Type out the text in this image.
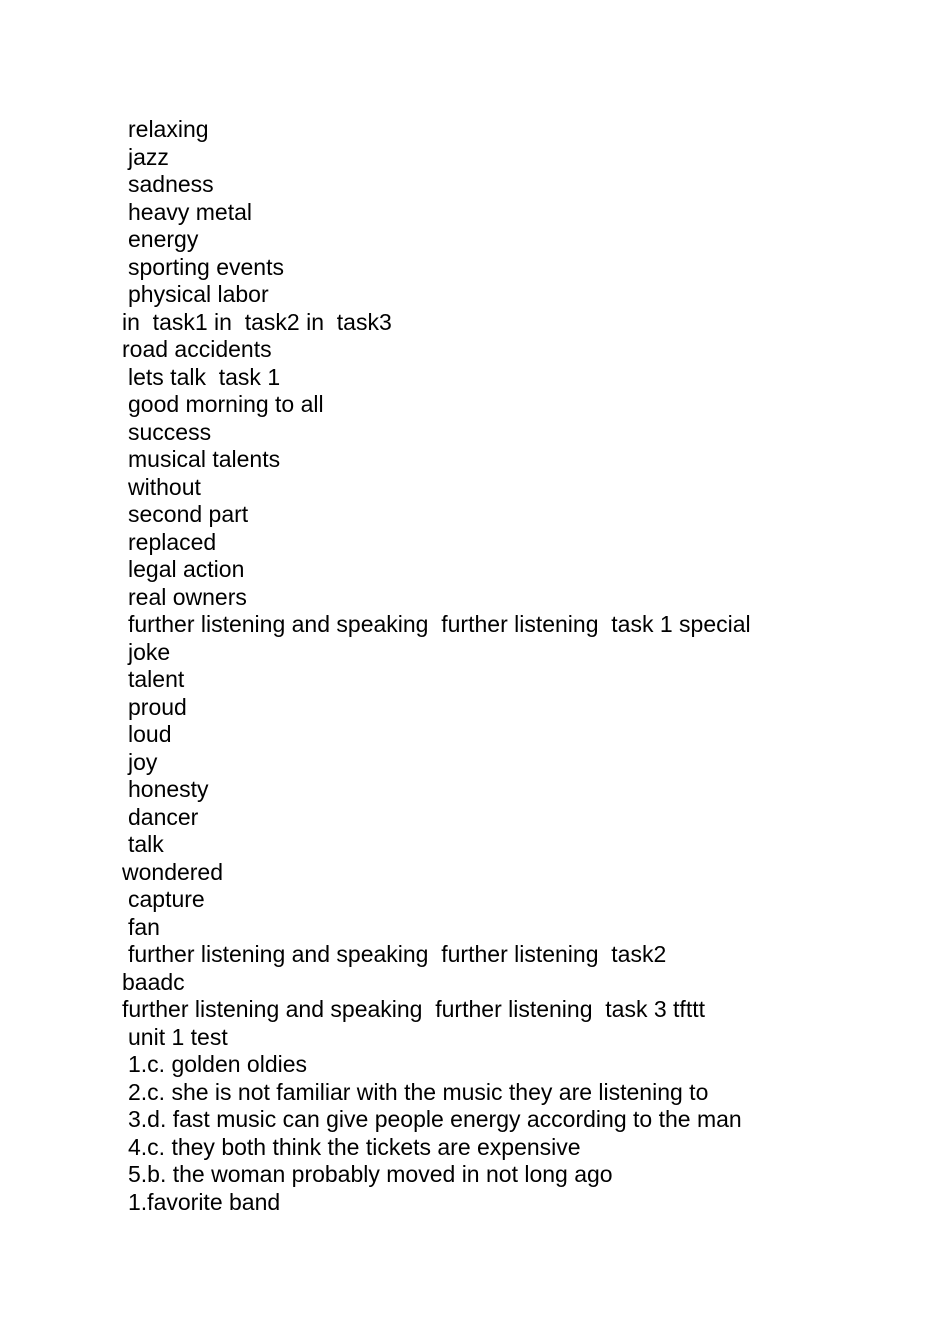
relaxing
jazz
sadness
heavy metal
energy
sporting events
physical labor
in  task1 in  task2 in  task3
road accidents
lets talk  task 1
good morning to all
success
musical talents
without
second part
replaced
legal action
real owners
further listening and speaking  further listening  task 1 special
joke
talent
proud
loud
joy
honesty
dancer
talk
wondered
capture
fan
further listening and speaking  further listening  task2
baadc
further listening and speaking  further listening  task 3 tfttt
unit 1 test
1.c. golden oldies
2.c. she is not familiar with the music they are listening to
3.d. fast music can give people energy according to the man
4.c. they both think the tickets are expensive
5.b. the woman probably moved in not long ago
1.favorite band
